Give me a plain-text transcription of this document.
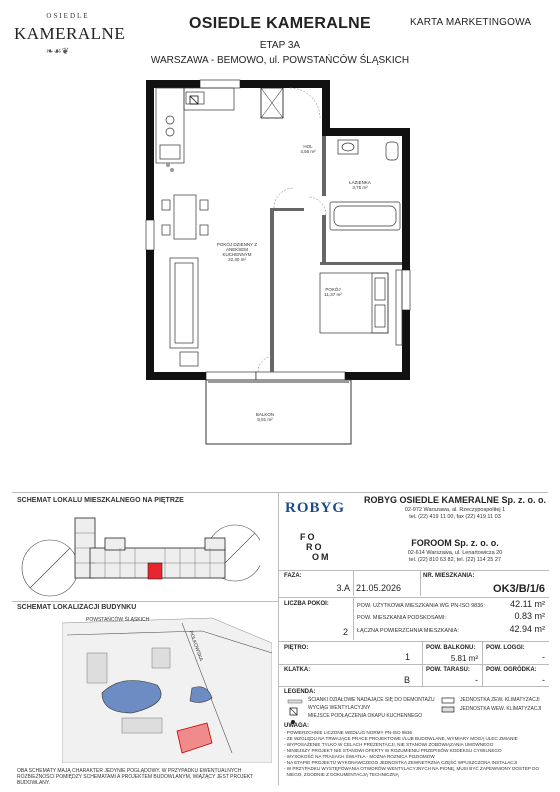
OSIEDLE
KAMERALNE
❧☙❦
OSIEDLE KAMERALNE	KARTA MARKETINGOWA
ETAP 3A
WARSZAWA - BEMOWO, ul. POWSTAŃCÓW ŚLĄSKICH
HOL
4,56 m²
ŁAZIENKA
3,75 m²
POKÓJ DZIENNY Z
ANEKSEM
KUCHENNYM
22,40 m²
POKÓJ
11,37 m²
BALKON
5,81 m²
SCHEMAT LOKALU MIESZKALNEGO NA PIĘTRZE
SCHEMAT LOKALIZACJI BUDYNKU
POWSTAŃCÓW ŚLĄSKICH
POLKOWSKA
OBA SCHEMATY MAJĄ CHARAKTER JEDYNIE POGLĄDOWY. W PRZYPADKU EWENTUALNYCH ROZBIEŻNOŚCI POMIĘDZY SCHEMATAMI A PROJEKTEM BUDOWLANYM, WIĄŻĄCY JEST PROJEKT BUDOWLANY.
ROBYG	ROBYG OSIEDLE KAMERALNE Sp. z. o. o.
02-972 Warszawa, al. Rzeczypospolitej 1
tel. (22) 419 11 00, fax (22) 419 11 03
FO
RO
OM
FOROOM Sp. z. o. o.
02-614 Warszawa, ul. Lenartowicza 20
tel. (22) 810 63 82, tel. (22) 114 25 27
FAZA:
3.A 21.05.2026
NR. MIESZKANIA:
OK3/B/1/6
LICZBA POKOI:
2
POW. UŻYTKOWA MIESZKANIA WG PN-ISO 9836:	42.11 m²
POW. MIESZKANIA PODSKOSAMI:	0.83 m²
ŁĄCZNA POWIERZCHNIA MIESZKANIA:	42.94 m²
PIĘTRO:
1
POW. BALKONU:
5.81 m²
POW. LOGGI:
-
KLATKA:
B
POW. TARASU:
-
POW. OGRÓDKA:
-
LEGENDA:
ŚCIANKI DZIAŁOWE NADAJĄCE SIĘ DO DEMONTAŻU
WYCIĄG WENTYLACYJNY
MIEJSCE PODŁĄCZENIA OKAPU KUCHENNEGO
JEDNOSTKA ZEW. KLIMATYZACJI
JEDNOSTKA WEW. KLIMATYZACJI
UWAGA:
- POWIERZCHNIE LICZONE WEDŁUG NORMY PN-ISO 9836
- ZE WZGLĘDU NA TRWAJĄCE PRACE PROJEKTOWE I/LUB BUDOWLANE, WYMIARY MOGĄ ULEC ZMIANIE
- WYPOSAŻENIE TYLKO W CELACH PREZENTACJI, NIE STANOWI ZOBOWIĄZANIA UMOWNEGO
- NINIEJSZY PROJEKT NIE STANOWI OFERTY W ROZUMIENIU PRZEPISÓW KODEKSU CYWILNEGO
- WYSOKOŚĆ NA TRASACH ŚWIATŁA - MOŻNA ROZNICA POZIOMOW
- NA ETAPIE PROJEKTU WYKONAWCZEGO JEDNOSTKA ZEWNETRZNA CZĘŚĆ WPUSZCZONA INSTALACJI
- W PRZYPADKU WYSTĘPOWANIA OTWORÓW WENTYLACYJNYCH NA PIONĘ, MUSI BYĆ ZAPEWNIONY DOSTEP DO
NIEGO, ZGODNIE Z DOKUMENTACJĄ TECHNICZNĄ
